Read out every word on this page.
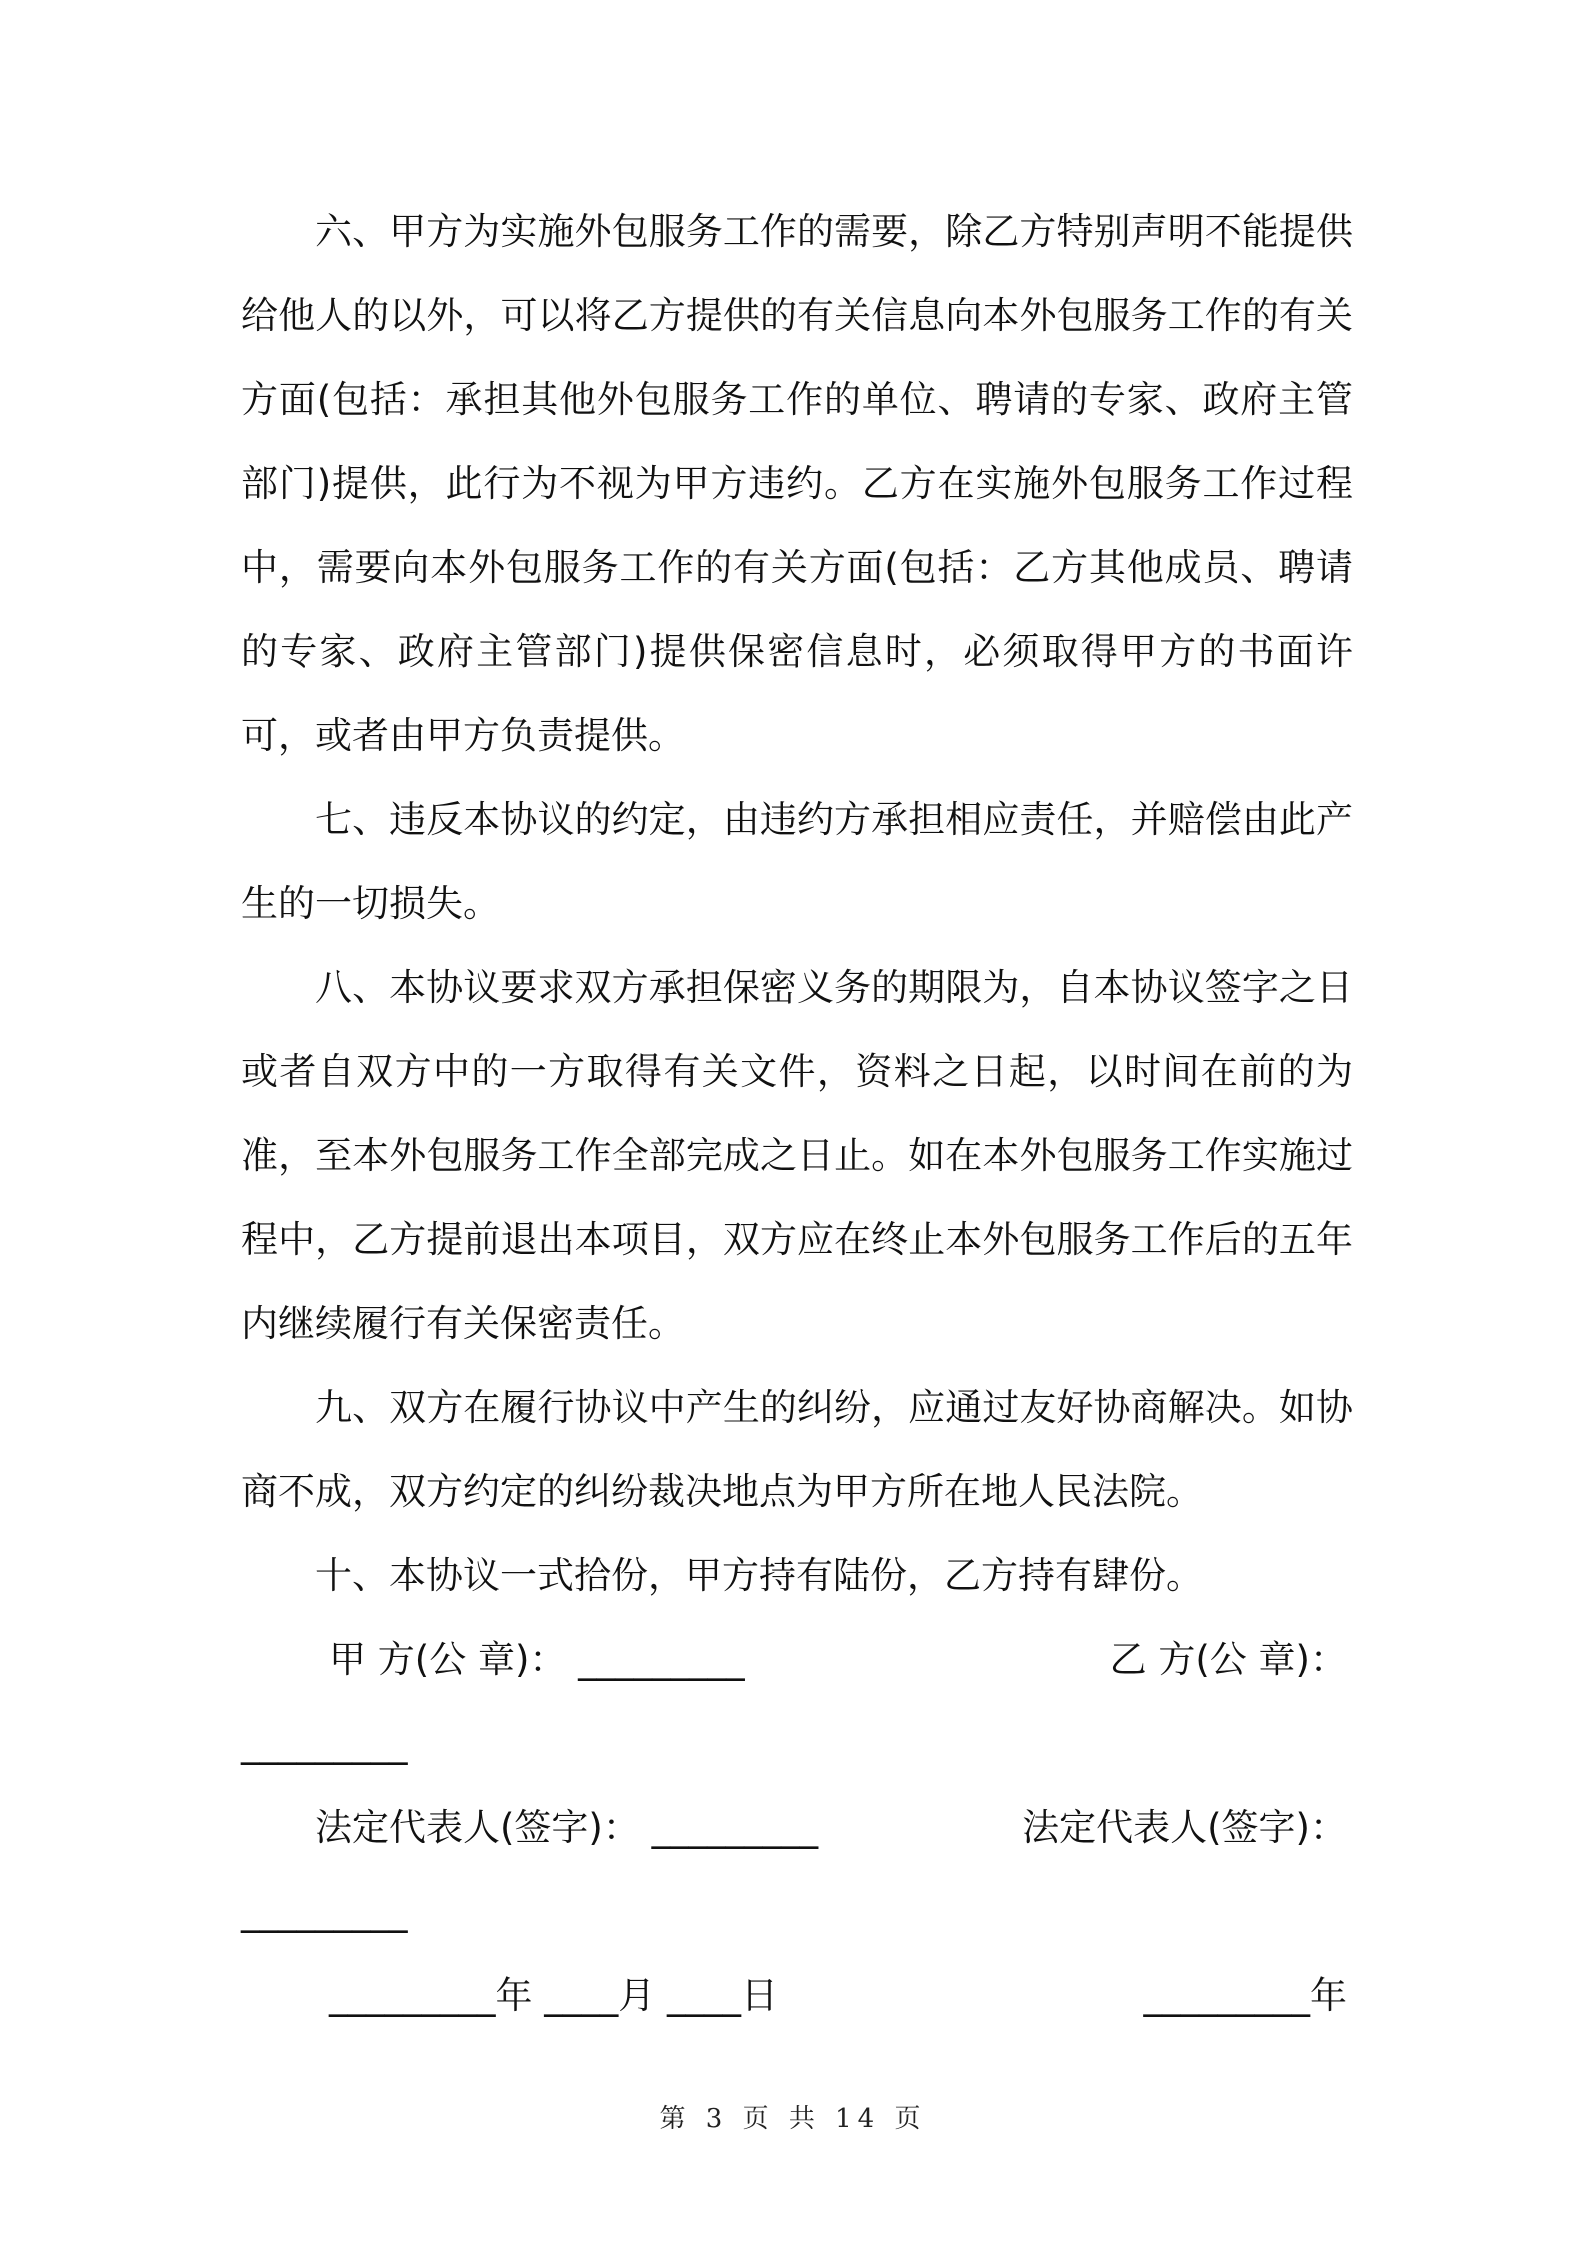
六、甲方为实施外包服务工作的需要，除乙方特别声明不能提供给他人的以外，可以将乙方提供的有关信息向本外包服务工作的有关方面(包括：承担其他外包服务工作的单位、聘请的专家、政府主管部门)提供，此行为不视为甲方违约。乙方在实施外包服务工作过程中，需要向本外包服务工作的有关方面(包括：乙方其他成员、聘请的专家、政府主管部门)提供保密信息时，必须取得甲方的书面许可，或者由甲方负责提供。

七、违反本协议的约定，由违约方承担相应责任，并赔偿由此产生的一切损失。

八、本协议要求双方承担保密义务的期限为，自本协议签字之日或者自双方中的一方取得有关文件，资料之日起，以时间在前的为准，至本外包服务工作全部完成之日止。如在本外包服务工作实施过程中，乙方提前退出本项目，双方应在终止本外包服务工作后的五年内继续履行有关保密责任。

九、双方在履行协议中产生的纠纷，应通过友好协商解决。如协商不成，双方约定的纠纷裁决地点为甲方所在地人民法院。

十、本协议一式拾份，甲方持有陆份，乙方持有肆份。

甲 方(公 章)： _________	乙 方(公 章)：
_________
法定代表人(签字)： _________	法定代表人(签字)：
_________
_________年 ____月 ____日	_________年
第 3 页 共 14 页
